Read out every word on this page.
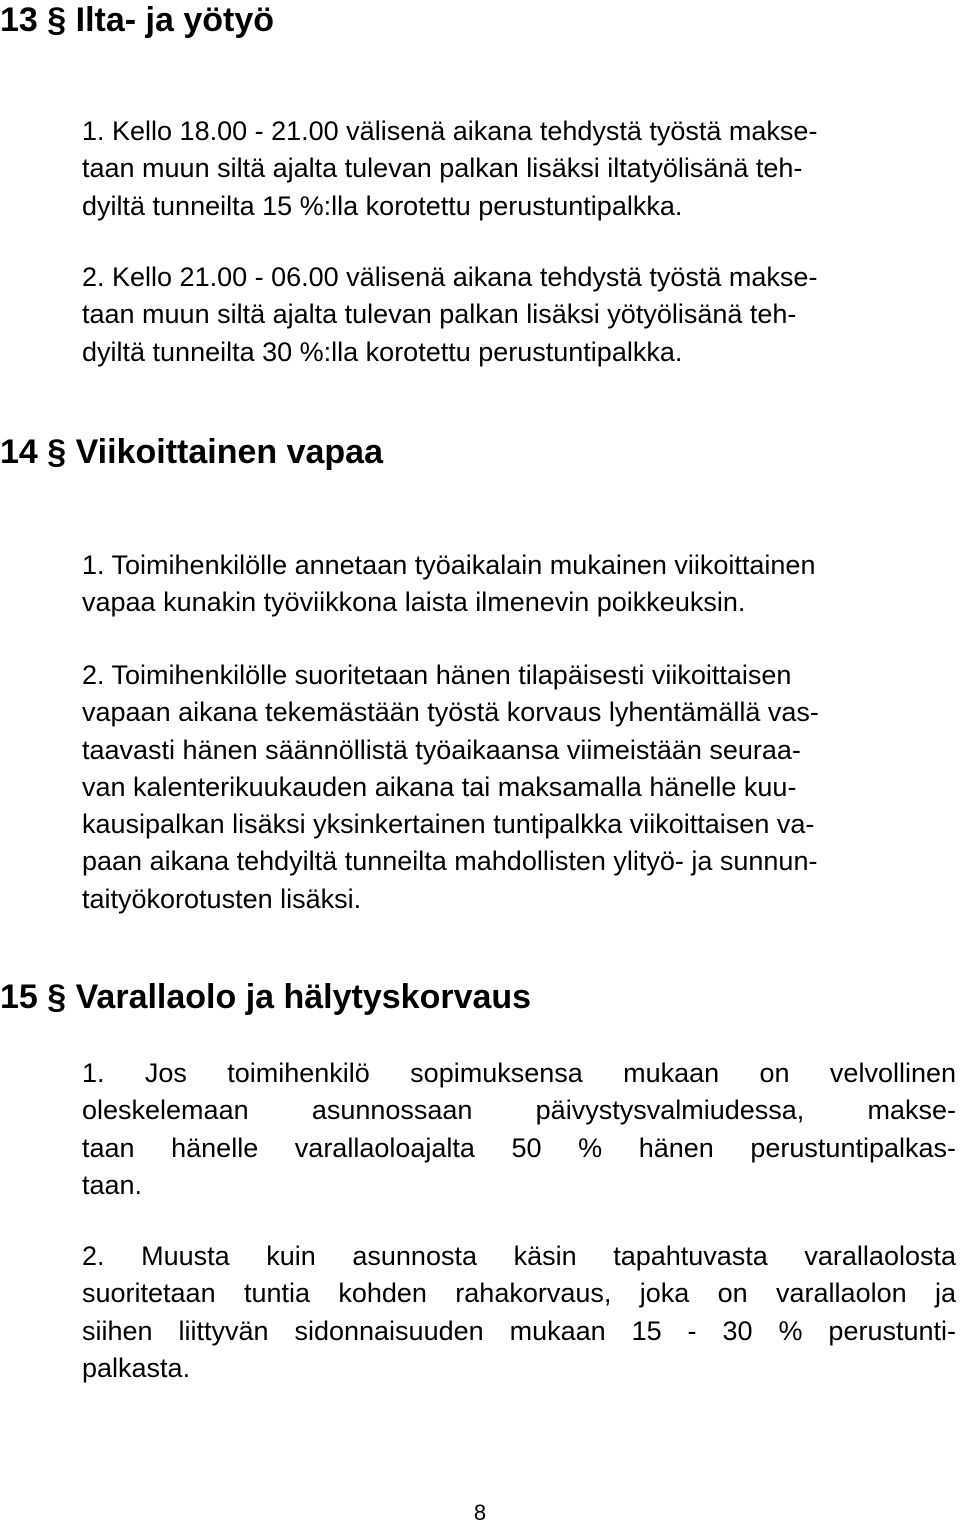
13 § Ilta- ja yötyö
1. Kello 18.00 - 21.00 välisenä aikana tehdystä työstä makse-
taan muun siltä ajalta tulevan palkan lisäksi iltatyölisänä teh-
dyiltä tunneilta 15 %:lla korotettu perustuntipalkka.
2. Kello 21.00 - 06.00 välisenä aikana tehdystä työstä makse-
taan muun siltä ajalta tulevan palkan lisäksi yötyölisänä teh-
dyiltä tunneilta 30 %:lla korotettu perustuntipalkka.
14 § Viikoittainen vapaa
1. Toimihenkilölle annetaan työaikalain mukainen viikoittainen
vapaa kunakin työviikkona laista ilmenevin poikkeuksin.
2. Toimihenkilölle suoritetaan hänen tilapäisesti viikoittaisen
vapaan aikana tekemästään työstä korvaus lyhentämällä vas-
taavasti hänen säännöllistä työaikaansa viimeistään seuraa-
van kalenterikuukauden aikana tai maksamalla hänelle kuu-
kausipalkan lisäksi yksinkertainen tuntipalkka viikoittaisen va-
paan aikana tehdyiltä tunneilta mahdollisten ylityö- ja sunnun-
taityökorotusten lisäksi.
15 § Varallaolo ja hälytyskorvaus
1. Jos toimihenkilö sopimuksensa mukaan on velvollinen
oleskelemaan asunnossaan päivystysvalmiudessa, makse-
taan hänelle varallaoloajalta 50 % hänen perustuntipalkas-
taan.
2. Muusta kuin asunnosta käsin tapahtuvasta varallaolosta
suoritetaan tuntia kohden rahakorvaus, joka on varallaolon ja
siihen liittyvän sidonnaisuuden mukaan 15 - 30 % perustunti-
palkasta.
8
